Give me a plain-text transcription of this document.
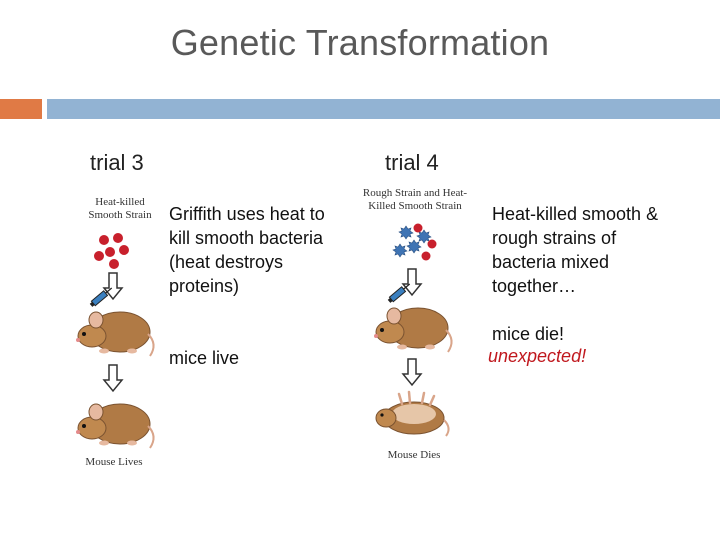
Genetic Transformation
trial 3
Heat-killed
Smooth Strain
Mouse Lives
Griffith uses heat to kill smooth bacteria (heat destroys proteins)
mice live
trial 4
Rough Strain and Heat-
Killed Smooth Strain
Mouse Dies
Heat-killed smooth & rough strains of bacteria mixed together…
mice die!
unexpected!
